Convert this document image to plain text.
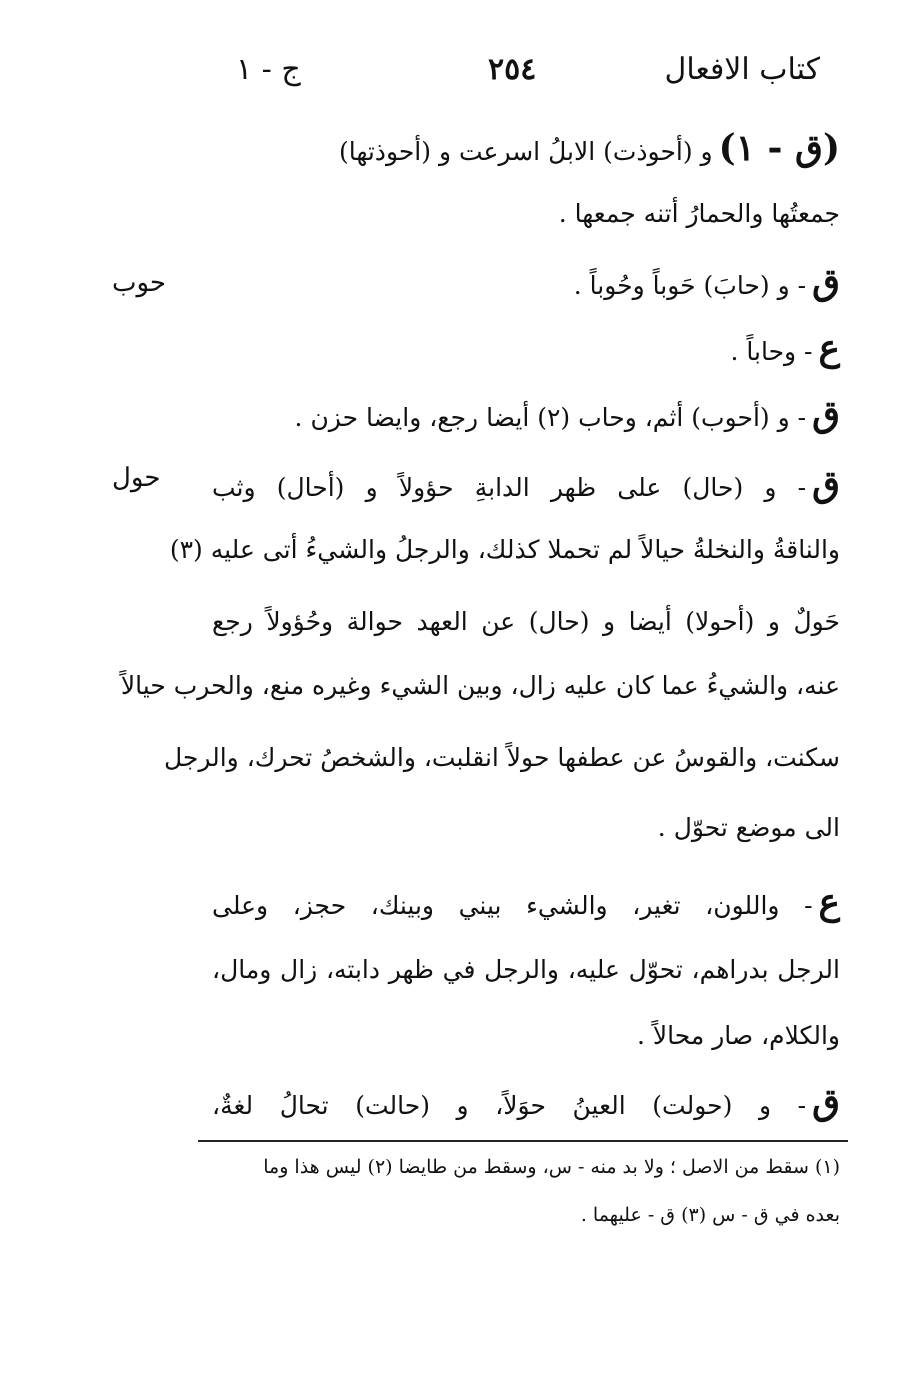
كتاب الافعال
٢٥٤
ج - ١
حوب
حول
(ق - ١)و (أحوذت) الابلُ اسرعت و (أحوذتها)
جمعتُها والحمارُ أتنه جمعها .
ق- و (حابَ) حَوباً وحُوباً .
ع- وحاباً .
ق- و (أحوب) أثم، وحاب (٢) أيضا رجع، وايضا حزن .
ق- و (حال) على ظهر الدابةِ حؤولاً و (أحال) وثب
والناقةُ والنخلةُ حيالاً لم تحملا كذلك، والرجلُ والشيءُ أتى عليه (٣)
حَولٌ و (أحولا) أيضا و (حال) عن العهد حوالة وحُؤولاً رجع
عنه، والشيءُ عما كان عليه زال، وبين الشيء وغيره منع، والحرب حيالاً
سكنت، والقوسُ عن عطفها حولاً انقلبت، والشخصُ تحرك، والرجل
الى موضع تحوّل .
ع- واللون، تغير، والشيء بيني وبينك، حجز، وعلى
الرجل بدراهم، تحوّل عليه، والرجل في ظهر دابته، زال ومال،
والكلام، صار محالاً .
ق- و (حولت) العينُ حوَلاً، و (حالت) تحالُ لغةٌ،
(١) سقط من الاصل ؛ ولا بد منه - س، وسقط من طايضا (٢) ليس هذا وما
بعده في ق - س (٣) ق - عليهما .
